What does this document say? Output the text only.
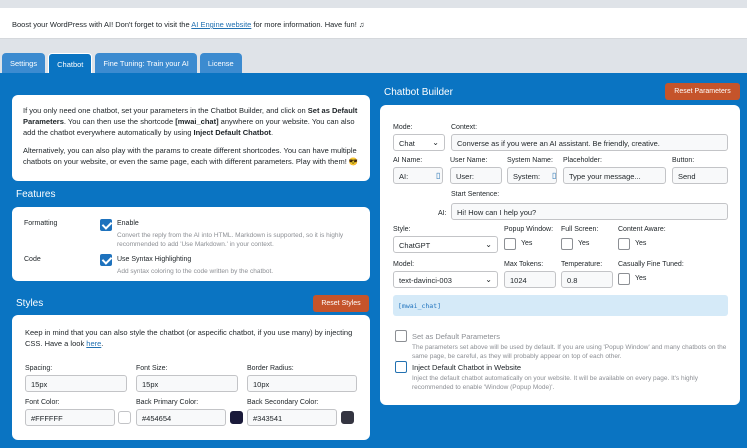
Boost your WordPress with AI! Don't forget to visit the AI Engine website for more information. Have fun! ♫
Settings	Chatbot	Fine Tuning: Train your AI	License

If you only need one chatbot, set your parameters in the Chatbot Builder, and click on Set as Default Parameters. You can then use the shortcode [mwai_chat] anywhere on your website. You can also add the chatbot everywhere automatically by using Inject Default Chatbot.

Alternatively, you can also play with the params to create different shortcodes. You can have multiple chatbots on your website, or even the same page, each with different parameters. Play with them! 😎

Features
Formatting	Enable
Convert the reply from the AI into HTML. Markdown is supported, so it is highly recommended to add 'Use Markdown.' in your context.
Code	Use Syntax Highlighting
Add syntax coloring to the code written by the chatbot.
Styles	Reset Styles

Keep in mind that you can also style the chatbot (or aspecific chatbot, if you use many) by injecting CSS. Have a look here.

Spacing:
15px
Font Size:
15px
Border Radius:
10px
Font Color:
#FFFFFF
Back Primary Color:
#454654
Back Secondary Color:
#343541
Chatbot Builder	Reset Parameters
Mode:
Chat ⌄
Context:
Converse as if you were an AI assistant. Be friendly, creative.
AI Name:
AI:	▯
User Name:
User:
System Name:
System:	▯
Placeholder:
Type your message...
Button:
Send
Start Sentence:
AI:	Hi! How can I help you?
Style:
ChatGPT	⌄
Popup Window:
Yes
Full Screen:
Yes
Content Aware:
Yes
Model:
text-davinci-003	⌄
Max Tokens:
1024
Temperature:
0.8
Casually Fine Tuned:
Yes
[mwai_chat]
Set as Default Parameters
The parameters set above will be used by default. If you are using 'Popup Window' and many chatbots on the same page, be careful, as they will probably appear on top of each other.
Inject Default Chatbot in Website
Inject the default chatbot automatically on your website. It will be available on every page. It's highly recommended to enable 'Window (Popup Mode)'.
